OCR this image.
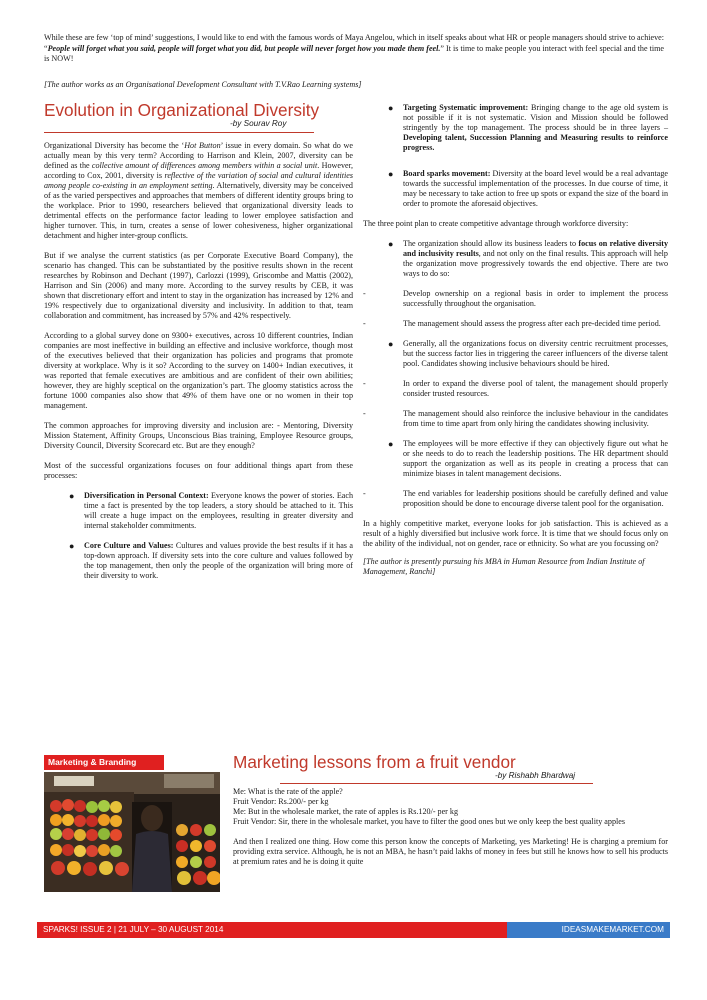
While these are few ‘top of mind’ suggestions, I would like to end with the famous words of Maya Angelou, which in itself speaks about what HR or people managers should strive to achieve: “People will forget what you said, people will forget what you did, but people will never forget how you made them feel.” It is time to make people you interact with feel special and the time is NOW!
[The author works as an Organisational Development Consultant with T.V.Rao Learning systems]
Evolution in Organizational Diversity
-by Sourav Roy

Organizational Diversity has become the ‘Hot Button’ issue in every domain. So what do we actually mean by this very term? According to Harrison and Klein, 2007, diversity can be defined as the collective amount of differences among members within a social unit. However, according to Cox, 2001, diversity is reflective of the variation of social and cultural identities among people co-existing in an employment setting. Alternatively, diversity may be conceived of as the varied perspectives and approaches that members of different identity groups bring to the workplace. Prior to 1990, researchers believed that organizational diversity leads to detrimental effects on the performance factor leading to lower employee satisfaction and higher turnover. This, in turn, creates a sense of lower cohesiveness, higher organizational detachment and higher inter-group conflicts.

But if we analyse the current statistics (as per Corporate Executive Board Company), the scenario has changed. This can be substantiated by the positive results shown in the recent researches by Robinson and Dechant (1997), Carlozzi (1999), Griscombe and Mattis (2002), Harrison and Sin (2006) and many more. According to the survey results by CEB, it was shown that discretionary effort and intent to stay in the organization has increased by 12% and 19% respectively due to organizational diversity and inclusivity. In addition to that, team collaboration and commitment, has increased by 57% and 42% respectively.

According to a global survey done on 9300+ executives, across 10 different countries, Indian companies are most ineffective in building an effective and inclusive workforce, though most of the executives believed that their organization has policies and programs that promote diversity at workplace. Why is it so? According to the survey on 1400+ Indian executives, it was reported that female executives are ambitious and are confident of their own abilities; however, they are highly sceptical on the organization’s part. The gloomy statistics across the fortune 1000 companies also show that 49% of them have one or no women in their top management.

The common approaches for improving diversity and inclusion are: - Mentoring, Diversity Mission Statement, Affinity Groups, Unconscious Bias training, Employee Resource groups, Diversity Council, Diversity Scorecard etc. But are they enough?

Most of the successful organizations focuses on four additional things apart from these processes:

● Diversification in Personal Context: Everyone knows the power of stories. Each time a fact is presented by the top leaders, a story should be attached to it. This will create a huge impact on the employees, resulting in greater diversity and internal stakeholder commitments.
● Core Culture and Values: Cultures and values provide the best results if it has a top-down approach. If diversity sets into the core culture and values followed by the top management, then only the people of the organization will bring more of their diversity to work.
● Targeting Systematic improvement: Bringing change to the age old system is not possible if it is not systematic. Vision and Mission should be followed stringently by the top management. The process should be in three layers – Developing talent, Succession Planning and Measuring results to reinforce progress.
● Board sparks movement: Diversity at the board level would be a real advantage towards the successful implementation of the processes. In due course of time, it may be necessary to take action to free up spots or expand the size of the board in order to promote the aforesaid objectives.

The three point plan to create competitive advantage through workforce diversity:

● The organization should allow its business leaders to focus on relative diversity and inclusivity results, and not only on the final results. This approach will help the organization move progressively towards the end objective. There are two ways to do so:
-	Develop ownership on a regional basis in order to implement the process successfully throughout the organisation.
-	The management should assess the progress after each pre-decided time period.
● Generally, all the organizations focus on diversity centric recruitment processes, but the success factor lies in triggering the career influencers of the diverse talent pool. Candidates showing inclusive behaviours should be hired.
-	In order to expand the diverse pool of talent, the management should properly consider trusted resources.
-	The management should also reinforce the inclusive behaviour in the candidates from time to time apart from only hiring the candidates showing inclusivity.
● The employees will be more effective if they can objectively figure out what he or she needs to do to reach the leadership positions. The HR department should support the organization as well as its people in creating a process that can minimize biases in talent management decisions.
-	The end variables for leadership positions should be carefully defined and value proposition should be done to encourage diverse talent pool for the organisation.

In a highly competitive market, everyone looks for job satisfaction. This is achieved as a result of a highly diversified but inclusive work force. It is time that we should focus only on the ability of the individual, not on gender, race or ethnicity. So what are you focussing on?

[The author is presently pursuing his MBA in Human Resource from Indian Institute of Management, Ranchi]

Marketing & Branding	Marketing lessons from a fruit vendor
-by Rishabh Bhardwaj

Me: What is the rate of the apple?

Fruit Vendor: Rs.200/- per kg

Me: But in the wholesale market, the rate of apples is Rs.120/- per kg

Fruit Vendor: Sir, there in the wholesale market, you have to filter the good ones but we only keep the best quality apples

And then I realized one thing. How come this person know the concepts of Marketing, yes Marketing! He is charging a premium for providing extra service. Although, he is not an MBA, he hasn’t paid lakhs of money in fees but still he knows how to sell his products at premium rates and he is doing it quite

SPARKS! ISSUE 2 | 21 JULY – 30 AUGUST 2014	IDEASMAKEMARKET.COM
